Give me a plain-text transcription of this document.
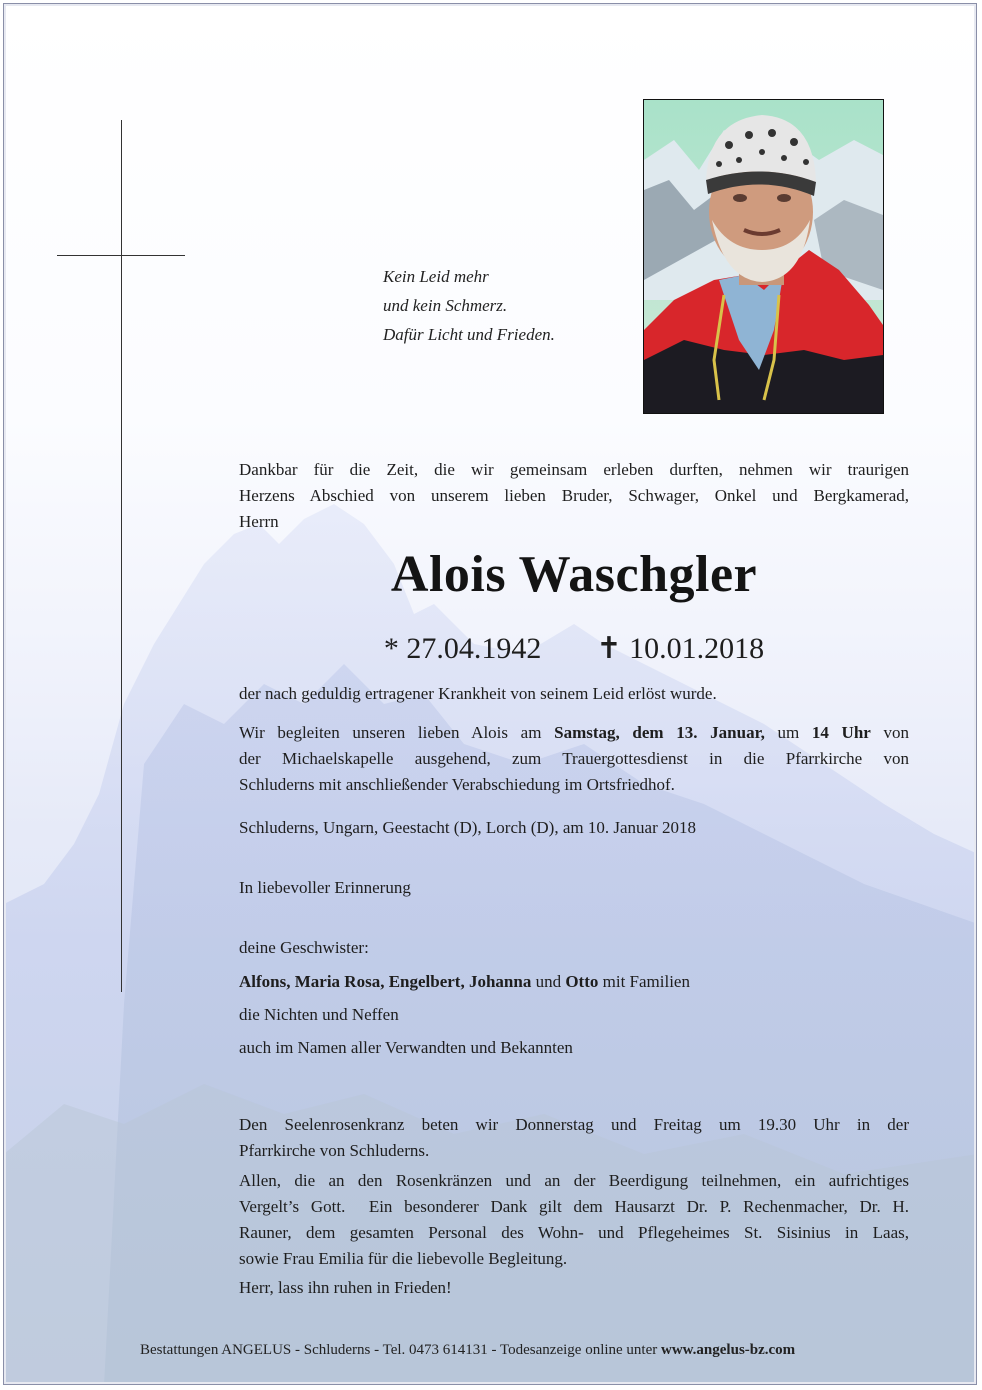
Kein Leid mehr
und kein Schmerz.
Dafür Licht und Frieden.
Dankbar für die Zeit, die wir gemeinsam erleben durften, nehmen wir traurigen
Herzens Abschied von unserem lieben Bruder, Schwager, Onkel und Bergkamerad,
Herrn
Alois Waschgler
* 27.04.1942 ✝ 10.01.2018
der nach geduldig ertragener Krankheit von seinem Leid erlöst wurde.
Wir begleiten unseren lieben Alois am Samstag, dem 13. Januar, um 14 Uhr von
der Michaelskapelle ausgehend, zum Trauergottesdienst in die Pfarrkirche von
Schluderns mit anschließender Verabschiedung im Ortsfriedhof.
Schluderns, Ungarn, Geestacht (D), Lorch (D), am 10. Januar 2018
In liebevoller Erinnerung
deine Geschwister:
Alfons, Maria Rosa, Engelbert, Johanna und Otto mit Familien
die Nichten und Neffen
auch im Namen aller Verwandten und Bekannten
Den Seelenrosenkranz beten wir Donnerstag und Freitag um 19.30 Uhr in der
Pfarrkirche von Schluderns.
Allen, die an den Rosenkränzen und an der Beerdigung teilnehmen, ein aufrichtiges
Vergelt’s Gott.  Ein besonderer Dank gilt dem Hausarzt Dr. P. Rechenmacher, Dr. H.
Rauner, dem gesamten Personal des Wohn- und Pflegeheimes St. Sisinius in Laas,
sowie Frau Emilia für die liebevolle Begleitung.
Herr, lass ihn ruhen in Frieden!
Bestattungen ANGELUS - Schluderns - Tel. 0473 614131 - Todesanzeige online unter www.angelus-bz.com
